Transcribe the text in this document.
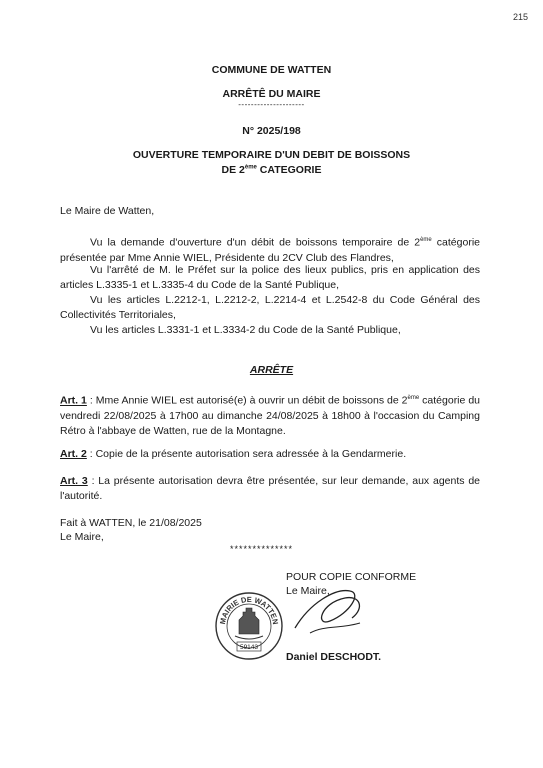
215
COMMUNE DE WATTEN
ARRÊTÊ DU MAIRE
---------------------
N° 2025/198
OUVERTURE TEMPORAIRE D'UN DEBIT DE BOISSONS
DE 2ème CATEGORIE
Le Maire de Watten,
Vu la demande d'ouverture d'un débit de boissons temporaire de 2ème catégorie présentée par Mme Annie WIEL, Présidente du 2CV Club des Flandres,
Vu l'arrêté de M. le Préfet sur la police des lieux publics, pris en application des articles L.3335-1 et L.3335-4 du Code de la Santé Publique,
Vu les articles L.2212-1, L.2212-2, L.2214-4 et L.2542-8 du Code Général des Collectivités Territoriales,
Vu les articles L.3331-1 et L.3334-2 du Code de la Santé Publique,
ARRÊTE
Art. 1 : Mme Annie WIEL est autorisé(e) à ouvrir un débit de boissons de 2ème catégorie du vendredi 22/08/2025 à 17h00 au dimanche 24/08/2025 à 18h00 à l'occasion du Camping Rétro à l'abbaye de Watten, rue de la Montagne.
Art. 2 : Copie de la présente autorisation sera adressée à la Gendarmerie.
Art. 3 : La présente autorisation devra être présentée, sur leur demande, aux agents de l'autorité.
Fait à WATTEN, le 21/08/2025
Le Maire,
**************
POUR COPIE CONFORME
Le Maire,
MAIRIE DE WATTEN
59143
Daniel DESCHODT.
